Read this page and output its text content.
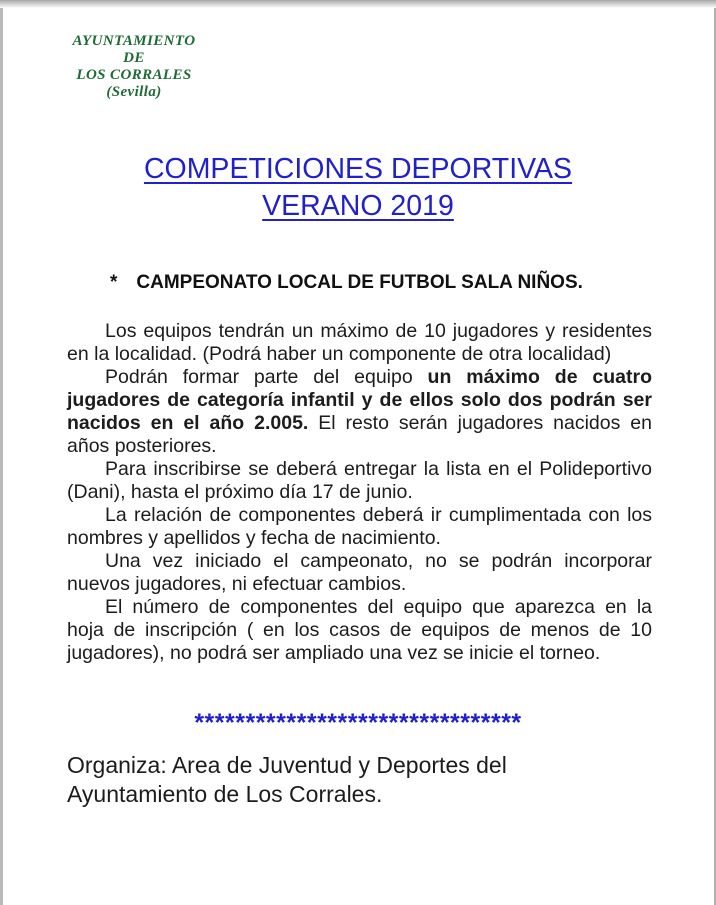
AYUNTAMIENTO
DE
LOS CORRALES
(Sevilla)
COMPETICIONES DEPORTIVAS
VERANO 2019
* CAMPEONATO LOCAL DE FUTBOL SALA NIÑOS.

Los equipos tendrán un máximo de 10 jugadores y residentes en la localidad. (Podrá haber un componente de otra localidad)

Podrán formar parte del equipo un máximo de cuatro jugadores de categoría infantil y de ellos solo dos podrán ser nacidos en el año 2.005. El resto serán jugadores nacidos en años posteriores.

Para inscribirse se deberá entregar la lista en el Polideportivo (Dani), hasta el próximo día 17 de junio.

La relación de componentes deberá ir cumplimentada con los nombres y apellidos y fecha de nacimiento.

Una vez iniciado el campeonato, no se podrán incorporar nuevos jugadores, ni efectuar cambios.

El número de componentes del equipo que aparezca en la hoja de inscripción ( en los casos de equipos de menos de 10 jugadores), no podrá ser ampliado una vez se inicie el torneo.

********************************
Organiza: Area de Juventud y Deportes del
Ayuntamiento de Los Corrales.
